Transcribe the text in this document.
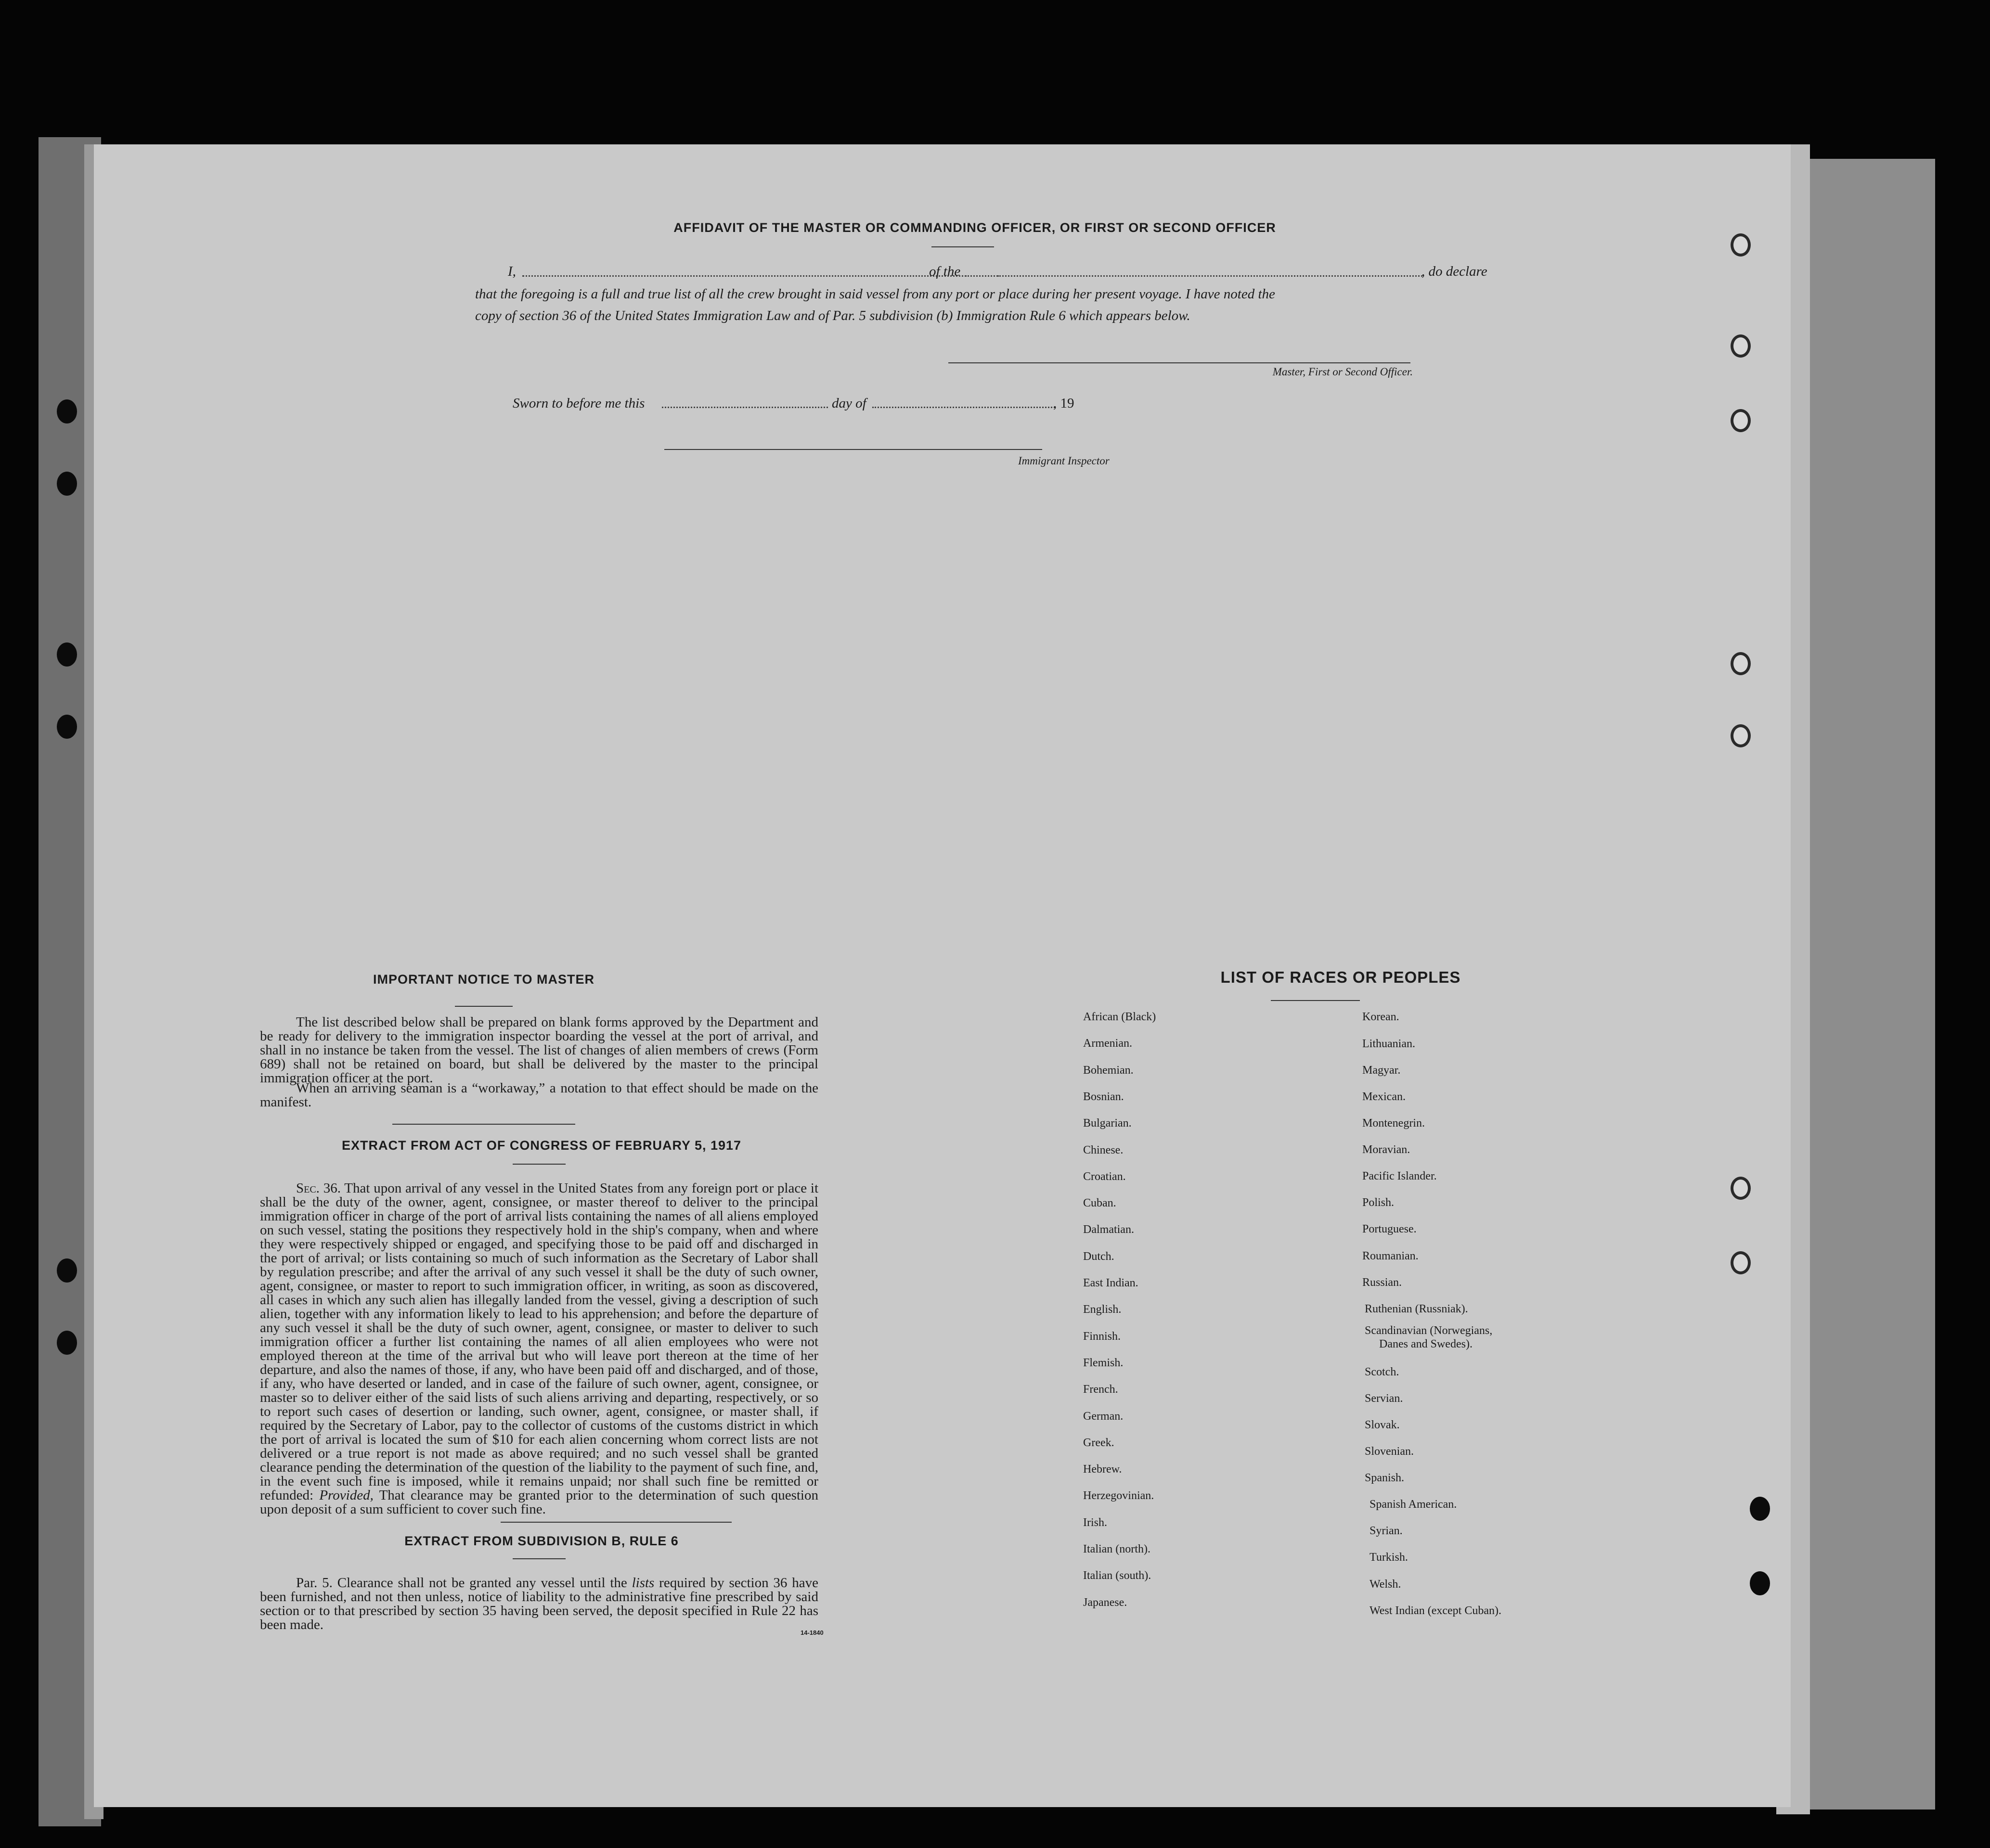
AFFIDAVIT OF THE MASTER OR COMMANDING OFFICER, OR FIRST OR SECOND OFFICER
I,	of the	, do declare
that the foregoing is a full and true list of all the crew brought in said vessel from any port or place during her present voyage. I have noted the
copy of section 36 of the United States Immigration Law and of Par. 5 subdivision (b) Immigration Rule 6 which appears below.
Master, First or Second Officer.
Sworn to before me this	day of	, 19
Immigrant Inspector
IMPORTANT NOTICE TO MASTER
The list described below shall be prepared on blank forms approved by the Department and be ready for delivery to the immigration inspector boarding the vessel at the port of arrival, and shall in no instance be taken from the vessel. The list of changes of alien members of crews (Form 689) shall not be retained on board, but shall be delivered by the master to the principal immigration officer at the port.
When an arriving seaman is a “workaway,” a notation to that effect should be made on the manifest.
EXTRACT FROM ACT OF CONGRESS OF FEBRUARY 5, 1917
Sec. 36. That upon arrival of any vessel in the United States from any foreign port or place it shall be the duty of the owner, agent, consignee, or master thereof to deliver to the principal immigration officer in charge of the port of arrival lists containing the names of all aliens employed on such vessel, stating the positions they respectively hold in the ship's company, when and where they were respectively shipped or engaged, and specifying those to be paid off and discharged in the port of arrival; or lists containing so much of such information as the Secretary of Labor shall by regulation prescribe; and after the arrival of any such vessel it shall be the duty of such owner, agent, consignee, or master to report to such immigration officer, in writing, as soon as discovered, all cases in which any such alien has illegally landed from the vessel, giving a description of such alien, together with any information likely to lead to his apprehension; and before the departure of any such vessel it shall be the duty of such owner, agent, consignee, or master to deliver to such immigration officer a further list containing the names of all alien employees who were not employed thereon at the time of the arrival but who will leave port thereon at the time of her departure, and also the names of those, if any, who have been paid off and discharged, and of those, if any, who have deserted or landed, and in case of the failure of such owner, agent, consignee, or master so to deliver either of the said lists of such aliens arriving and departing, respectively, or so to report such cases of desertion or landing, such owner, agent, consignee, or master shall, if required by the Secretary of Labor, pay to the collector of customs of the customs district in which the port of arrival is located the sum of $10 for each alien concerning whom correct lists are not delivered or a true report is not made as above required; and no such vessel shall be granted clearance pending the determination of the question of the liability to the payment of such fine, and, in the event such fine is imposed, while it remains unpaid; nor shall such fine be remitted or refunded: Provided, That clearance may be granted prior to the determination of such question upon deposit of a sum sufficient to cover such fine.
EXTRACT FROM SUBDIVISION B, RULE 6
Par. 5. Clearance shall not be granted any vessel until the lists required by section 36 have been furnished, and not then unless, notice of liability to the administrative fine prescribed by said section or to that prescribed by section 35 having been served, the deposit specified in Rule 22 has been made.
14-1840
LIST OF RACES OR PEOPLES
African (Black)
Armenian.
Bohemian.
Bosnian.
Bulgarian.
Chinese.
Croatian.
Cuban.
Dalmatian.
Dutch.
East Indian.
English.
Finnish.
Flemish.
French.
German.
Greek.
Hebrew.
Herzegovinian.
Irish.
Italian (north).
Italian (south).
Japanese.
Korean.
Lithuanian.
Magyar.
Mexican.
Montenegrin.
Moravian.
Pacific Islander.
Polish.
Portuguese.
Roumanian.
Russian.
Ruthenian (Russniak).
Scandinavian (Norwegians,
Danes and Swedes).
Scotch.
Servian.
Slovak.
Slovenian.
Spanish.
Spanish American.
Syrian.
Turkish.
Welsh.
West Indian (except Cuban).
